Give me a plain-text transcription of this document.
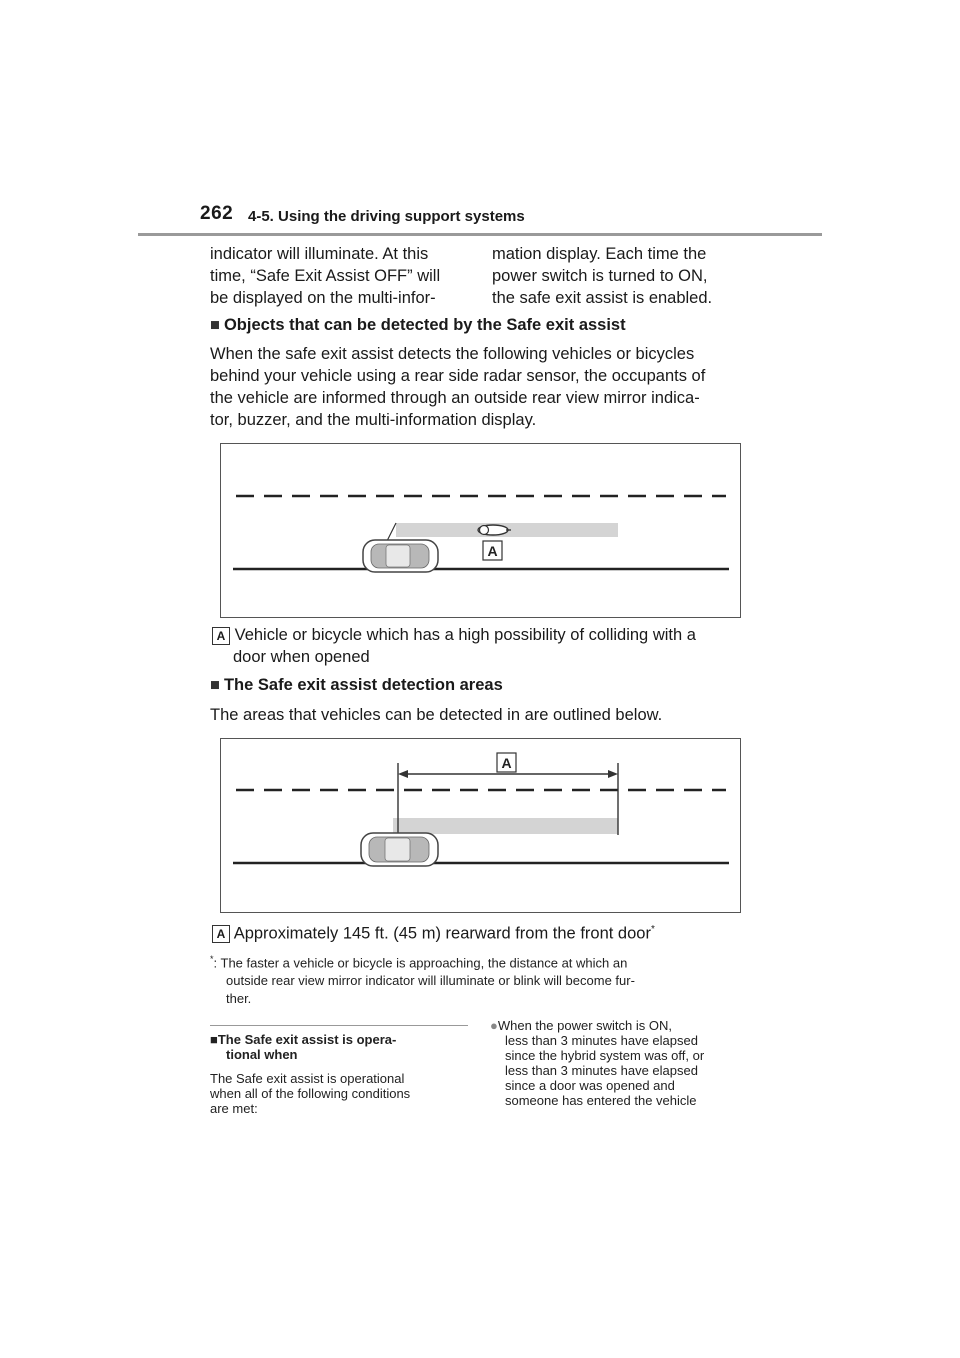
262 4-5. Using the driving support systems
indicator will illuminate. At this
time, “Safe Exit Assist OFF” will
be displayed on the multi-infor-
mation display. Each time the
power switch is turned to ON,
the safe exit assist is enabled.
■ Objects that can be detected by the Safe exit assist
When the safe exit assist detects the following vehicles or bicycles
behind your vehicle using a rear side radar sensor, the occupants of
the vehicle are informed through an outside rear view mirror indica-
tor, buzzer, and the multi-information display.
A
A Vehicle or bicycle which has a high possibility of colliding with a
door when opened
■ The Safe exit assist detection areas
The areas that vehicles can be detected in are outlined below.
A
A Approximately 145 ft. (45 m) rearward from the front door*
*: The faster a vehicle or bicycle is approaching, the distance at which an
outside rear view mirror indicator will illuminate or blink will become fur-
ther.
■The Safe exit assist is opera-
tional when
The Safe exit assist is operational
when all of the following conditions
are met:
●When the power switch is ON,
less than 3 minutes have elapsed
since the hybrid system was off, or
less than 3 minutes have elapsed
since a door was opened and
someone has entered the vehicle
